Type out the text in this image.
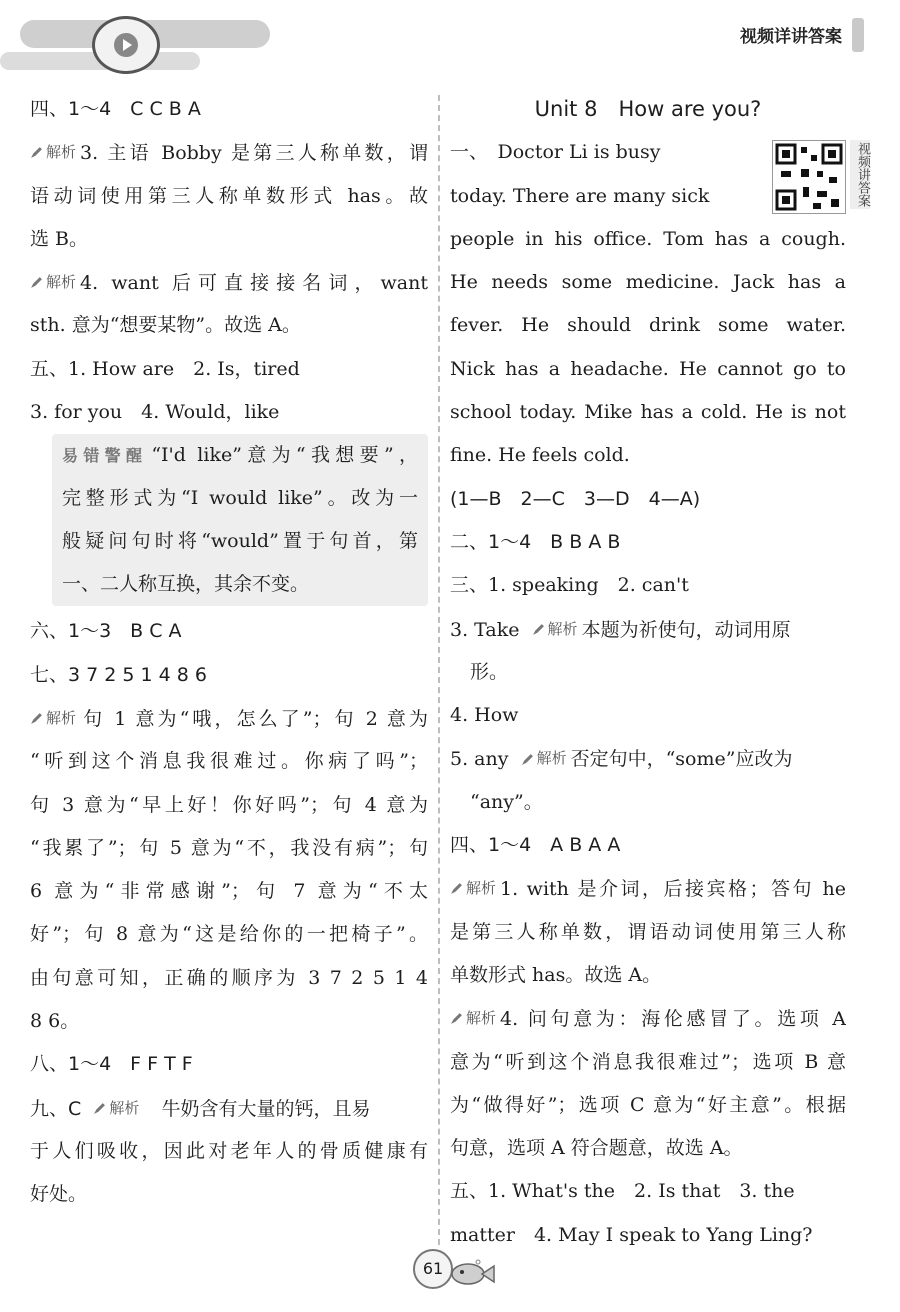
视频详讲答案
四、1～4　C C B A
解析 3. 主语 Bobby 是第三人称单数，谓
语动词使用第三人称单数形式 has。故
选 B。
解析 4. want 后可直接接名词，want
sth. 意为“想要某物”。故选 A。
五、1. How are　2. Is，tired
3. for you　4. Would，like
易错警醒 “I'd like”意为“我想要”，
完整形式为“I would like”。改为一
般疑问句时将“would”置于句首，第
一、二人称互换，其余不变。
六、1～3　B C A
七、3 7 2 5 1 4 8 6
解析 句 1 意为“哦，怎么了”；句 2 意为
“听到这个消息我很难过。你病了吗”；
句 3 意为“早上好！你好吗”；句 4 意为
“我累了”；句 5 意为“不，我没有病”；句
6 意为“非常感谢”；句 7 意为“不太
好”；句 8 意为“这是给你的一把椅子”。
由句意可知，正确的顺序为 3 7 2 5 1 4
8 6。
八、1～4　F F T F
九、C 解析 牛奶含有大量的钙，且易
于人们吸收，因此对老年人的骨质健康有
好处。
Unit 8　How are you?
视频讲答案
一、　Doctor Li is busy
today. There are many sick
people in his office. Tom has a cough.
He needs some medicine. Jack has a
fever. He should drink some water.
Nick has a headache. He cannot go to
school today. Mike has a cold. He is not
fine. He feels cold.
(1—B　2—C　3—D　4—A)
二、1～4　B B A B
三、1. speaking　2. can't
3. Take 解析 本题为祈使句，动词用原
形。
4. How
5. any 解析 否定句中，“some”应改为
“any”。
四、1～4　A B A A
解析 1. with 是介词，后接宾格；答句 he
是第三人称单数，谓语动词使用第三人称
单数形式 has。故选 A。
解析 4. 问句意为：海伦感冒了。选项 A
意为“听到这个消息我很难过”；选项 B 意
为“做得好”；选项 C 意为“好主意”。根据
句意，选项 A 符合题意，故选 A。
五、1. What's the　2. Is that　3. the
matter　4. May I speak to Yang Ling?
61
